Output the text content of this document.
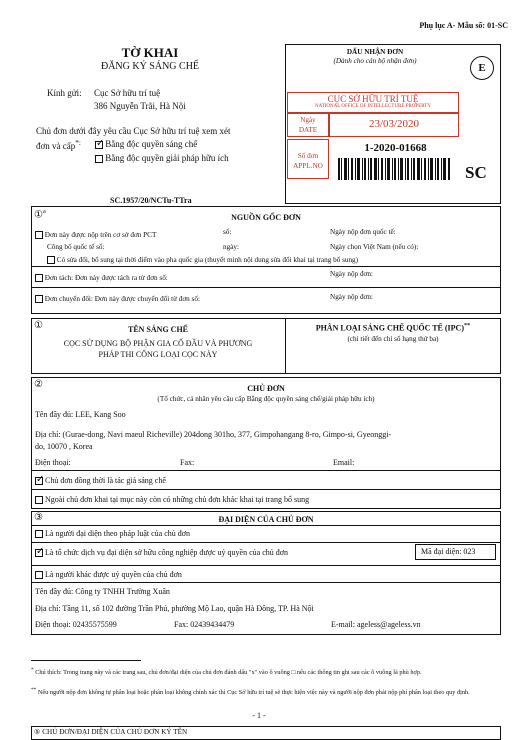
Phụ lục A- Mẫu số: 01-SC
TỜ KHAI
ĐĂNG KÝ SÁNG CHẾ
Kính gửi: Cục Sở hữu trí tuệ
386 Nguyễn Trãi, Hà Nội
Chủ đơn dưới đây yêu cầu Cục Sở hữu trí tuệ xem xét
đơn và cấp*:
✓	Bằng độc quyền sáng chế
Bằng độc quyền giải pháp hữu ích
SC.1957/20/NCTu-TTra
DẤU NHẬN ĐƠN
(Dành cho cán bộ nhận đơn)
E
CỤC SỞ HỮU TRÍ TUỆ
NATIONAL OFFICE OF INTELLECTURE PROPERTY
Ngày
DATE	23/03/2020
Số đơn
APPL.NO
1-2020-01668
SC
①$^a$
NGUỒN GỐC ĐƠN
Đơn này được nộp trên cơ sở đơn PCT	số:	Ngày nộp đơn quốc tế:
Công bố quốc tế số:	ngày:	Ngày chọn Việt Nam (nếu có):
Có sửa đổi, bổ sung tại thời điểm vào pha quốc gia (thuyết minh nội dung sửa đổi khai tại trang bổ sung)
Đơn tách: Đơn này được tách ra từ đơn số:	Ngày nộp đơn:
Đơn chuyển đổi: Đơn này được chuyển đổi từ đơn số:	Ngày nộp đơn:
①	TÊN SÁNG CHẾ
CỌC SỬ DỤNG BỘ PHẬN GIA CỐ ĐẦU VÀ PHƯƠNG
PHÁP THI CÔNG LOẠI CỌC NÀY
PHÂN LOẠI SÁNG CHẾ QUỐC TẾ (IPC)**
(chỉ tiết đến chỉ số hạng thứ ba)
②	CHỦ ĐƠN
(Tổ chức, cá nhân yêu cầu cấp Bằng độc quyền sáng chế/giải pháp hữu ích)
Tên đầy đủ: LEE, Kang Soo
Địa chỉ: (Gurae-dong, Navi maeul Richeville) 204dong 301ho, 377, Gimpohangang 8-ro, Gimpo-si, Gyeonggi-
do, 10070 , Korea
Điện thoại:	Fax:	Email:
✓ Chủ đơn đồng thời là tác giả sáng chế
Ngoài chủ đơn khai tại mục này còn có những chủ đơn khác khai tại trang bổ sung
③	ĐẠI DIỆN CỦA CHỦ ĐƠN
Là người đại diện theo pháp luật của chủ đơn
✓ Là tổ chức dịch vụ đại diện sở hữu công nghiệp được uỷ quyền của chủ đơn	Mã đại diện: 023
Là người khác được uỷ quyền của chủ đơn
Tên đầy đủ: Công ty TNHH Trường Xuân
Địa chỉ: Tầng 11, số 102 đường Trần Phú, phường Mộ Lao, quận Hà Đông, TP. Hà Nội
Điện thoại: 02435575599	Fax: 02439434479	E-mail: ageless@ageless.vn
* Chú thích: Trong trang này và các trang sau, chủ đơn/đại diện của chủ đơn đánh dấu "x" vào ô vuông □ nếu các thông tin ghi sau các ô vuông là phù hợp.
** Nếu người nộp đơn không tự phân loại hoặc phân loại không chính xác thì Cục Sở hữu trí tuệ sẽ thực hiện việc này và người nộp đơn phải nộp phí phân loại theo quy định.
- 1 -
⑤ CHỦ ĐƠN/ĐẠI DIỆN CỦA CHỦ ĐƠN KÝ TÊN
